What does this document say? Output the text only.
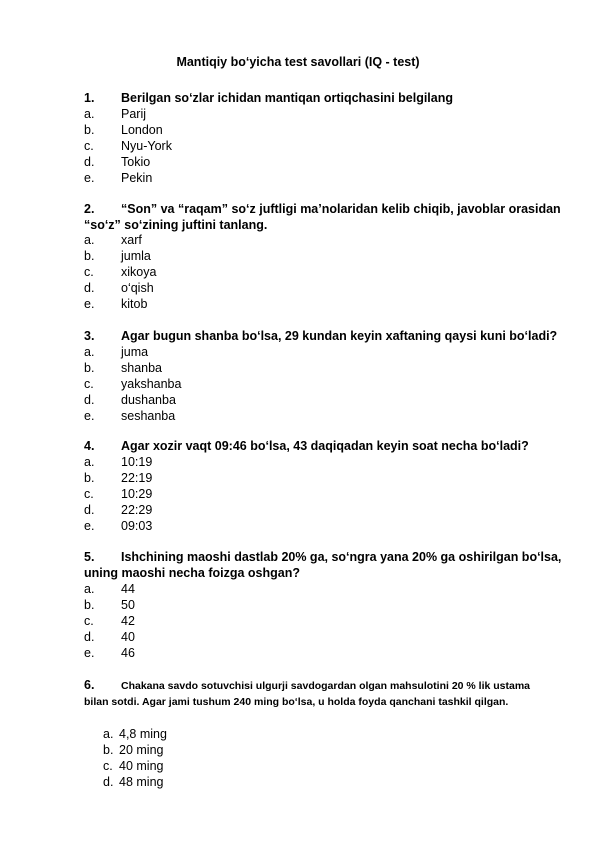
Mantiqiy bo‘yicha test savollari (IQ - test)
1. Berilgan so‘zlar ichidan mantiqan ortiqchasini belgilang
a. Parij
b. London
c. Nyu-York
d. Tokio
e. Pekin
2. “Son” va “raqam” so‘z juftligi ma’nolaridan kelib chiqib, javoblar orasidan “so‘z” so‘zining juftini tanlang.
a. xarf
b. jumla
c. xikoya
d. o‘qish
e. kitob
3. Agar bugun shanba bo‘lsa, 29 kundan keyin xaftaning qaysi kuni bo‘ladi?
a. juma
b. shanba
c. yakshanba
d. dushanba
e. seshanba
4. Agar xozir vaqt 09:46 bo‘lsa, 43 daqiqadan keyin soat necha bo‘ladi?
a. 10:19
b. 22:19
c. 10:29
d. 22:29
e. 09:03
5. Ishchining maoshi dastlab 20% ga, so‘ngra yana 20% ga oshirilgan bo‘lsa, uning maoshi necha foizga oshgan?
a. 44
b. 50
c. 42
d. 40
e. 46
6.	Chakana savdo sotuvchisi ulgurji savdogardan olgan mahsulotini 20 % lik ustama bilan sotdi. Agar jami tushum 240 ming bo‘lsa, u holda foyda qanchani tashkil qilgan.
a. 4,8 ming
b. 20 ming
c. 40 ming
d. 48 ming
